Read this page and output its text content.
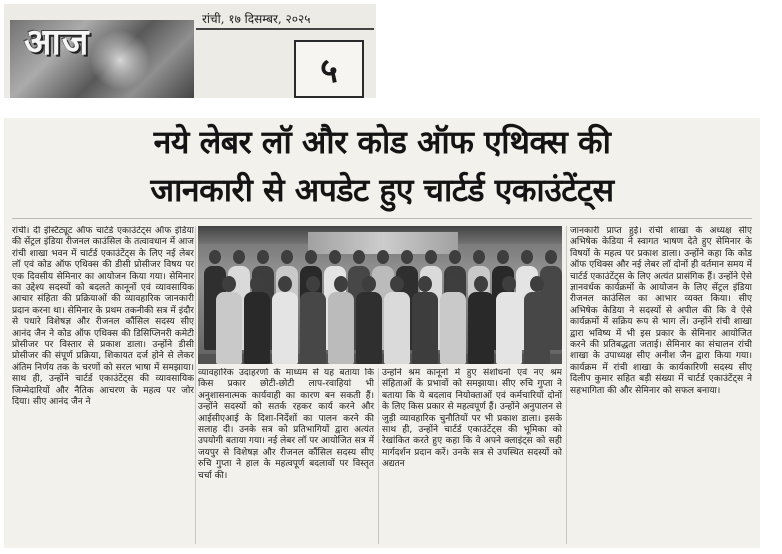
आज
रांची, १७ दिसम्बर, २०२५
५
नये लेबर लॉ और कोड ऑफ एथिक्स की
जानकारी से अपडेट हुए चार्टर्ड एकाउंटेंट्स

रांची। दी इंस्टिट्यूट ऑफ चार्टर्ड एकाउंटेंट्स ऑफ इंडिया की सेंट्रल इंडिया रीजनल काउंसिल के तत्वावधान में आज रांची शाखा भवन में चार्टर्ड एकाउंटेंट्स के लिए नई लेबर लॉ एवं कोड ऑफ एथिक्स की डीसी प्रोसीजर विषय पर एक दिवसीय सेमिनार का आयोजन किया गया। सेमिनार का उद्देश्य सदस्यों को बदलते कानूनों एवं व्यावसायिक आचार संहिता की प्रक्रियाओं की व्यावहारिक जानकारी प्रदान करना था। सेमिनार के प्रथम तकनीकी सत्र में इंदौर से पधारे विशेषज्ञ और रीजनल कौंसिल सदस्य सीए आनंद जैन ने कोड ऑफ एथिक्स की डिसिप्लिनरी कमेटी प्रोसीजर पर विस्तार से प्रकाश डाला। उन्होंने डीसी प्रोसीजर की संपूर्ण प्रक्रिया, शिकायत दर्ज होने से लेकर अंतिम निर्णय तक के चरणों को सरल भाषा में समझाया। साथ ही, उन्होंने चार्टर्ड एकाउंटेंट्स की व्यावसायिक जिम्मेदारियों और नैतिक आचरण के महत्व पर जोर दिया। सीए आनंद जैन ने

व्यावहारिक उदाहरणों के माध्यम से यह बताया कि किस प्रकार छोटी-छोटी लाप-रवाहियां भी अनुशासनात्मक कार्यवाही का कारण बन सकती हैं। उन्होंने सदस्यों को सतर्क रहकर कार्य करने और आईसीएआई के दिशा-निर्देशों का पालन करने की सलाह दी। उनके सत्र को प्रतिभागियों द्वारा अत्यंत उपयोगी बताया गया। नई लेबर लॉ पर आयोजित सत्र में जयपुर से विशेषज्ञ और रीजनल कौंसिल सदस्य सीए रुचि गुप्ता ने हाल के महत्वपूर्ण बदलावों पर विस्तृत चर्चा की।

उन्होंने श्रम कानूनों में हुए संशोधनों एवं नए श्रम संहिताओं के प्रभावों को समझाया। सीए रुचि गुप्ता ने बताया कि ये बदलाव नियोक्ताओं एवं कर्मचारियों दोनों के लिए किस प्रकार से महत्वपूर्ण हैं। उन्होंने अनुपालन से जुड़ी व्यावहारिक चुनौतियों पर भी प्रकाश डाला। इसके साथ ही, उन्होंने चार्टर्ड एकाउंटेंट्स की भूमिका को रेखांकित करते हुए कहा कि वे अपने क्लाइंट्स को सही मार्गदर्शन प्रदान करें। उनके सत्र से उपस्थित सदस्यों को अद्यतन

जानकारी प्राप्त हुई। रांची शाखा के अध्यक्ष सीए अभिषेक केडिया ने स्वागत भाषण देते हुए सेमिनार के विषयों के महत्व पर प्रकाश डाला। उन्होंने कहा कि कोड ऑफ एथिक्स और नई लेबर लॉ दोनों ही वर्तमान समय में चार्टर्ड एकाउंटेंट्स के लिए अत्यंत प्रासंगिक हैं। उन्होंने ऐसे ज्ञानवर्धक कार्यक्रमों के आयोजन के लिए सेंट्रल इंडिया रीजनल काउंसिल का आभार व्यक्त किया। सीए अभिषेक केडिया ने सदस्यों से अपील की कि वे ऐसे कार्यक्रमों में सक्रिय रूप से भाग लें। उन्होंने रांची शाखा द्वारा भविष्य में भी इस प्रकार के सेमिनार आयोजित करने की प्रतिबद्धता जताई। सेमिनार का संचालन रांची शाखा के उपाध्यक्ष सीए अनीश जैन द्वारा किया गया। कार्यक्रम में रांची शाखा के कार्यकारिणी सदस्य सीए दिलीप कुमार सहित बड़ी संख्या में चार्टर्ड एकाउंटेंट्स ने सहभागिता की और सेमिनार को सफल बनाया।
